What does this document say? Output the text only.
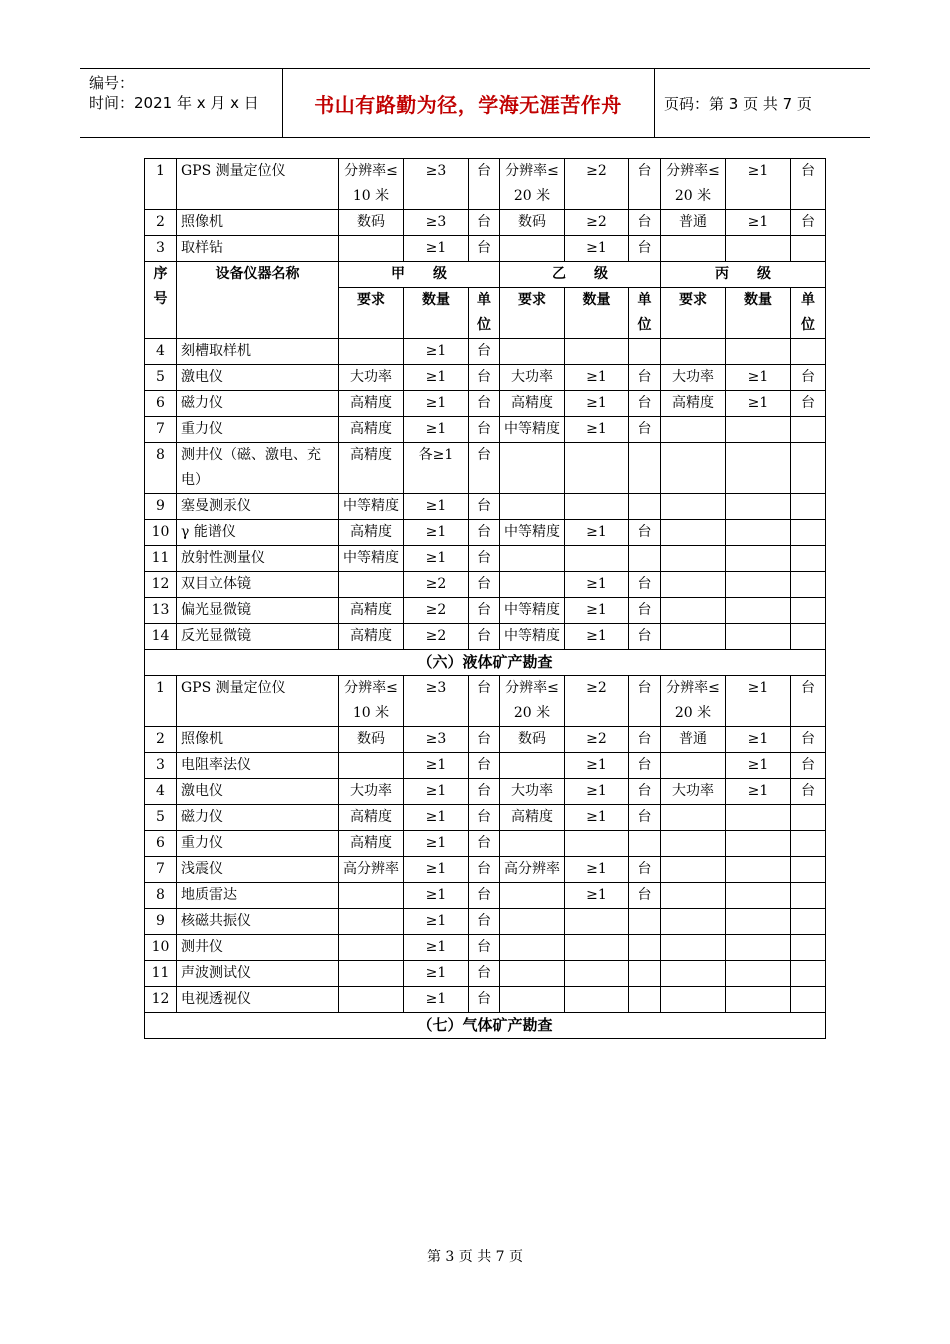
编号：
时间：2021 年 x 月 x 日	书山有路勤为径，学海无涯苦作舟	页码：第 3 页 共 7 页
1	GPS 测量定位仪	分辨率≤10 米	≥3	台	分辨率≤20 米	≥2	台	分辨率≤20 米	≥1	台
2	照像机	数码	≥3	台	数码	≥2	台	普通	≥1	台
3	取样钻		≥1	台		≥1	台			
序号	设备仪器名称	甲　　级			乙　　级			丙　　级		
		要求	数量	单位	要求	数量	单位	要求	数量	单位
4	刻槽取样机		≥1	台						
5	激电仪	大功率	≥1	台	大功率	≥1	台	大功率	≥1	台
6	磁力仪	高精度	≥1	台	高精度	≥1	台	高精度	≥1	台
7	重力仪	高精度	≥1	台	中等精度	≥1	台			
8	测井仪（磁、激电、充电）	高精度	各≥1	台						
9	塞曼测汞仪	中等精度	≥1	台						
10	γ 能谱仪	高精度	≥1	台	中等精度	≥1	台			
11	放射性测量仪	中等精度	≥1	台						
12	双目立体镜		≥2	台		≥1	台			
13	偏光显微镜	高精度	≥2	台	中等精度	≥1	台			
14	反光显微镜	高精度	≥2	台	中等精度	≥1	台			
（六）液体矿产勘查										
1	GPS 测量定位仪	分辨率≤10 米	≥3	台	分辨率≤20 米	≥2	台	分辨率≤20 米	≥1	台
2	照像机	数码	≥3	台	数码	≥2	台	普通	≥1	台
3	电阻率法仪		≥1	台		≥1	台		≥1	台
4	激电仪	大功率	≥1	台	大功率	≥1	台	大功率	≥1	台
5	磁力仪	高精度	≥1	台	高精度	≥1	台			
6	重力仪	高精度	≥1	台						
7	浅震仪	高分辨率	≥1	台	高分辨率	≥1	台			
8	地质雷达		≥1	台		≥1	台			
9	核磁共振仪		≥1	台						
10	测井仪		≥1	台						
11	声波测试仪		≥1	台						
12	电视透视仪		≥1	台						
（七）气体矿产勘查										
第 3 页 共 7 页
